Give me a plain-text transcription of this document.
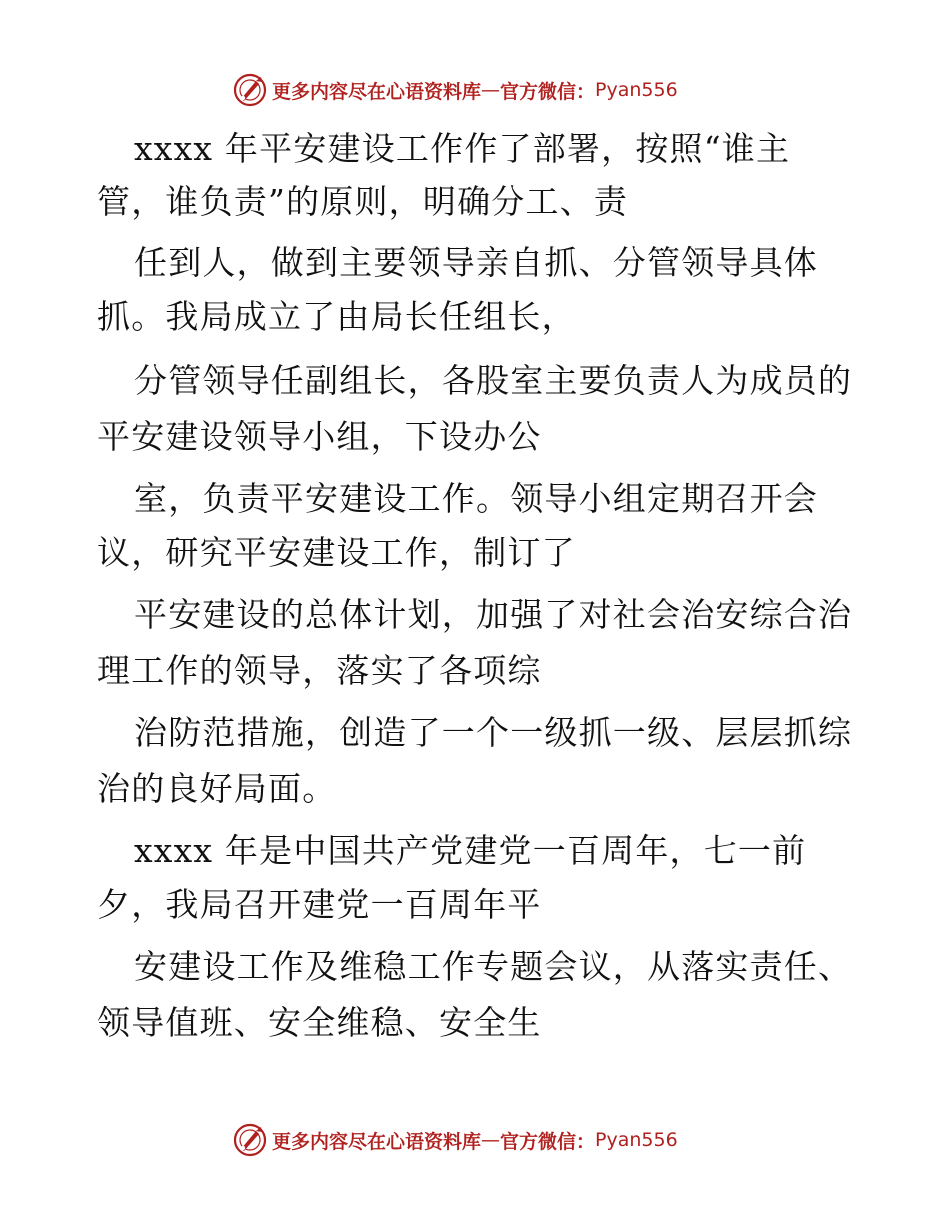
更多内容尽在心语资料库 — 官方微信： Pyan556
xxxx 年平安建设工作作了部署，按照“谁主
管，谁负责”的原则，明确分工、责
任到人，做到主要领导亲自抓、分管领导具体
抓。我局成立了由局长任组长，
分管领导任副组长，各股室主要负责人为成员的
平安建设领导小组，下设办公
室，负责平安建设工作。领导小组定期召开会
议，研究平安建设工作，制订了
平安建设的总体计划，加强了对社会治安综合治
理工作的领导，落实了各项综
治防范措施，创造了一个一级抓一级、层层抓综
治的良好局面。
xxxx 年是中国共产党建党一百周年，七一前
夕，我局召开建党一百周年平
安建设工作及维稳工作专题会议，从落实责任、
领导值班、安全维稳、安全生
更多内容尽在心语资料库 — 官方微信： Pyan556
